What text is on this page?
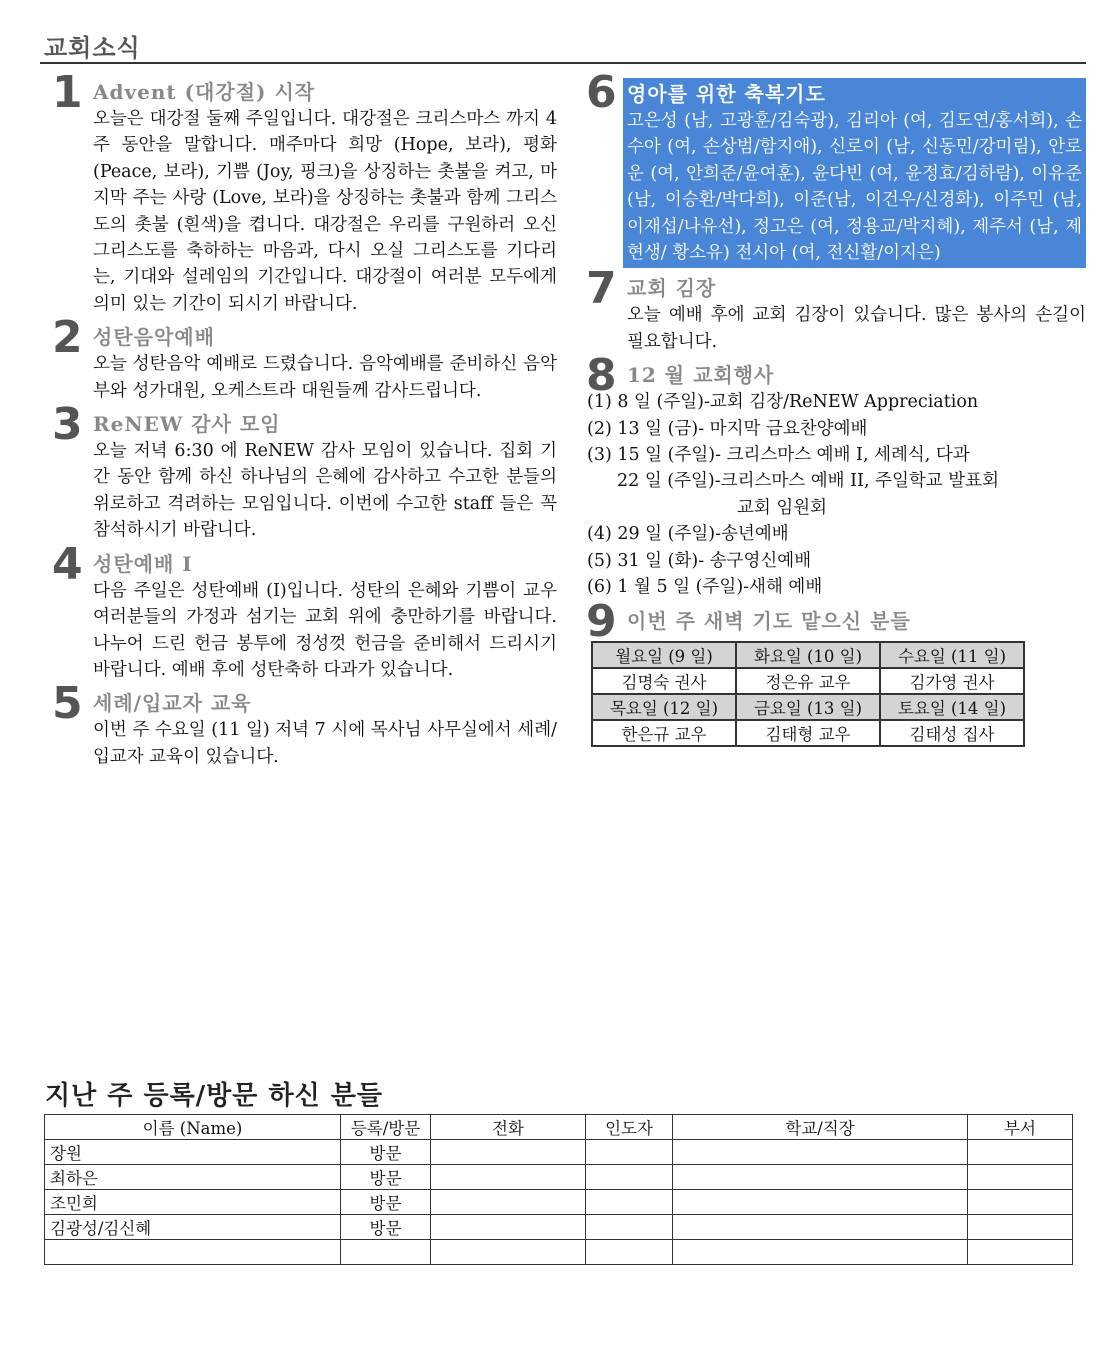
교회소식
1 Advent (대강절) 시작
오늘은 대강절 둘째 주일입니다. 대강절은 크리스마스 까지 4 주 동안을 말합니다. 매주마다 희망 (Hope, 보라), 평화 (Peace, 보라), 기쁨 (Joy, 핑크)을 상징하는 촛불을 켜고, 마지막 주는 사랑 (Love, 보라)을 상징하는 촛불과 함께 그리스도의 촛불 (흰색)을 켭니다. 대강절은 우리를 구원하러 오신 그리스도를 축하하는 마음과, 다시 오실 그리스도를 기다리는, 기대와 설레임의 기간입니다. 대강절이 여러분 모두에게 의미 있는 기간이 되시기 바랍니다.
2 성탄음악예배
오늘 성탄음악 예배로 드렸습니다. 음악예배를 준비하신 음악부와 성가대원, 오케스트라 대원들께 감사드립니다.
3 ReNEW 감사 모임
오늘 저녁 6:30 에 ReNEW 감사 모임이 있습니다. 집회 기간 동안 함께 하신 하나님의 은혜에 감사하고 수고한 분들의 위로하고 격려하는 모임입니다. 이번에 수고한 staff 들은 꼭 참석하시기 바랍니다.
4 성탄예배 I
다음 주일은 성탄예배 (I)입니다. 성탄의 은혜와 기쁨이 교우 여러분들의 가정과 섬기는 교회 위에 충만하기를 바랍니다. 나누어 드린 헌금 봉투에 정성껏 헌금을 준비해서 드리시기 바랍니다. 예배 후에 성탄축하 다과가 있습니다.
5 세례/입교자 교육
이번 주 수요일 (11 일) 저녁 7 시에 목사님 사무실에서 세례/입교자 교육이 있습니다.
6 영아를 위한 축복기도
고은성 (남, 고광훈/김숙광), 김리아 (여, 김도연/홍서희), 손수아 (여, 손상범/함지애), 신로이 (남, 신동민/강미림), 안로운 (여, 안희준/윤여훈), 윤다빈 (여, 윤정효/김하람), 이유준 (남, 이승환/박다희), 이준(남, 이건우/신경화), 이주민 (남, 이재섭/나유선), 정고은 (여, 정용교/박지혜), 제주서 (남, 제현생/ 황소유) 전시아 (여, 전신활/이지은)
7 교회 김장
오늘 예배 후에 교회 김장이 있습니다. 많은 봉사의 손길이 필요합니다.
8 12 월 교회행사
(1) 8 일 (주일)-교회 김장/ReNEW Appreciation
(2) 13 일 (금)- 마지막 금요찬양예배
(3) 15 일 (주일)- 크리스마스 예배 I, 세례식, 다과
22 일 (주일)-크리스마스 예배 II, 주일학교 발표회
교회 임원회
(4) 29 일 (주일)-송년예배
(5) 31 일 (화)- 송구영신예배
(6) 1 월 5 일 (주일)-새해 예배
9 이번 주 새벽 기도 맡으신 분들
월요일 (9 일)	화요일 (10 일)	수요일 (11 일)
김명숙 권사	정은유 교우	김가영 권사
목요일 (12 일)	금요일 (13 일)	토요일 (14 일)
한은규 교우	김태형 교우	김태성 집사
지난 주 등록/방문 하신 분들
이름 (Name)	등록/방문	전화	인도자	학교/직장	부서
장원	방문				
최하은	방문				
조민희	방문				
김광성/김신혜	방문				
